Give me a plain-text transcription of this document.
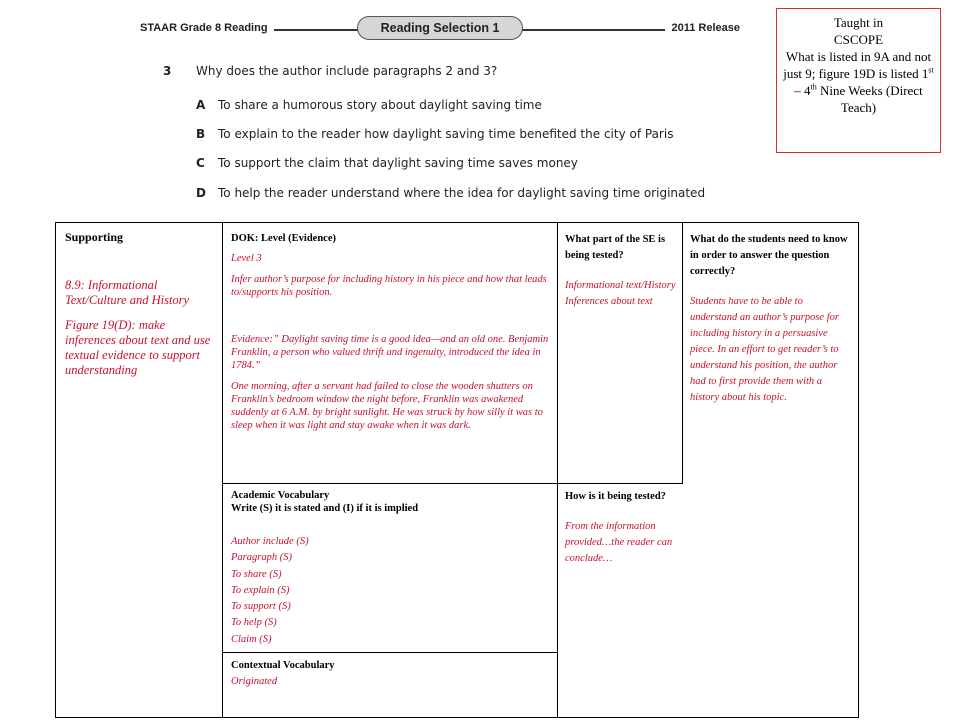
STAAR Grade 8 Reading	Reading Selection 1	2011 Release
3 Why does the author include paragraphs 2 and 3?
A To share a humorous story about daylight saving time
B To explain to the reader how daylight saving time benefited the city of Paris
C To support the claim that daylight saving time saves money
D To help the reader understand where the idea for daylight saving time originated
Taught in
CSCOPE
What is listed in 9A and not just 9; figure 19D is listed 1st – 4th Nine Weeks (Direct Teach)
Supporting
8.9: Informational Text/Culture and History
Figure 19(D): make inferences about text and use textual evidence to support understanding
DOK: Level (Evidence)

Level 3

Infer author’s purpose for including history in his piece and how that leads to/supports his position.

Evidence:” Daylight saving time is a good idea—and an old one. Benjamin Franklin, a person who valued thrift and ingenuity, introduced the idea in 1784.”

One morning, after a servant had failed to close the wooden shutters on Franklin’s bedroom window the night before, Franklin was awakened suddenly at 6 A.M. by bright sunlight. He was struck by how silly it was to sleep when it was light and stay awake when it was dark.

What part of the SE is being tested?
Informational text/History Inferences about text
What do the students need to know in order to answer the question correctly?
Students have to be able to understand an author’s purpose for including history in a persuasive piece. In an effort to get reader’s to understand his position, the author had to first provide them with a history about his topic.
Academic Vocabulary
Write (S) it is stated and (I) if it is implied
Author include (S)
Paragraph (S)
To share (S)
To explain (S)
To support (S)
To help (S)
Claim (S)
How is it being tested?
From the information provided…the reader can conclude…
Contextual Vocabulary
Originated
